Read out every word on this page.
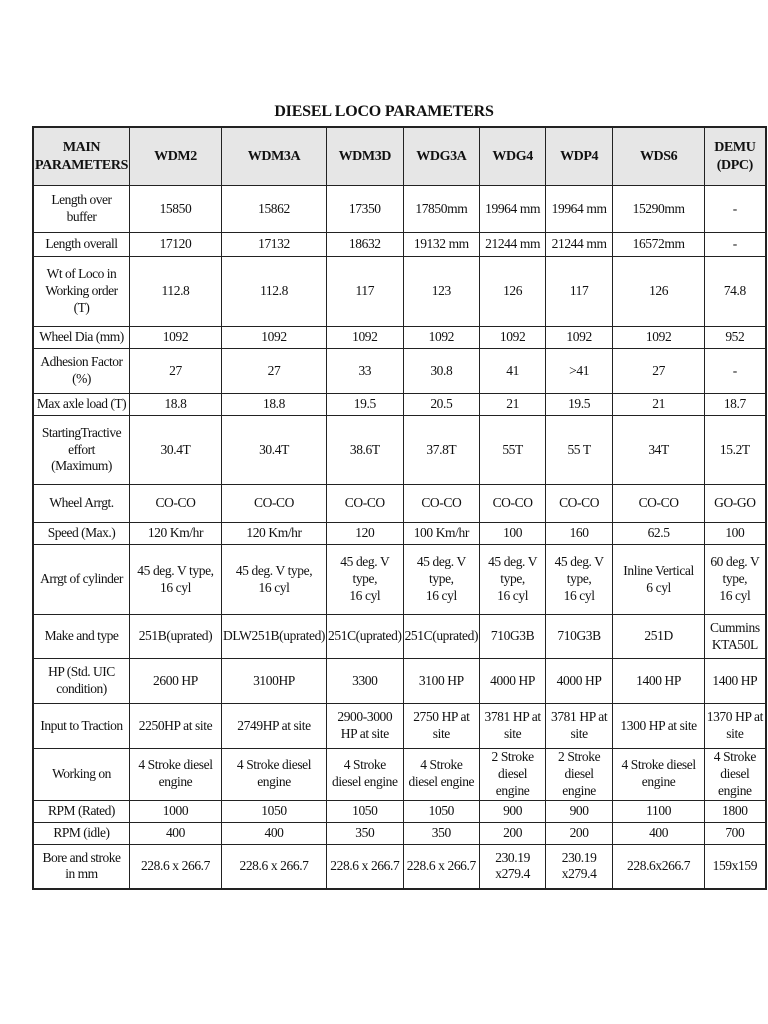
DIESEL LOCO PARAMETERS
MAIN
PARAMETERS	WDM2	WDM3A	WDM3D	WDG3A	WDG4	WDP4	WDS6	DEMU
(DPC)
Length over
buffer	15850	15862	17350	17850mm	19964 mm	19964 mm	15290mm	-
Length overall	17120	17132	18632	19132 mm	21244 mm	21244 mm	16572mm	-
Wt of Loco in
Working order
(T)	112.8	112.8	117	123	126	117	126	74.8
Wheel Dia (mm)	1092	1092	1092	1092	1092	1092	1092	952
Adhesion Factor
(%)	27	27	33	30.8	41	>41	27	-
Max axle load (T)	18.8	18.8	19.5	20.5	21	19.5	21	18.7
StartingTractive
effort
(Maximum)	30.4T	30.4T	38.6T	37.8T	55T	55 T	34T	15.2T
Wheel Arrgt.	CO-CO	CO-CO	CO-CO	CO-CO	CO-CO	CO-CO	CO-CO	GO-GO
Speed (Max.)	120 Km/hr	120 Km/hr	120	100 Km/hr	100	160	62.5	100
Arrgt of cylinder	45 deg. V type,
16 cyl	45 deg. V type,
16 cyl	45 deg. V
type,
16 cyl	45 deg. V
type,
16 cyl	45 deg. V
type,
16 cyl	45 deg. V
type,
16 cyl	Inline Vertical
6 cyl	60 deg. V
type,
16 cyl
Make and type	251B(uprated)	DLW251B(uprated)	251C(uprated)	251C(uprated)	710G3B	710G3B	251D	Cummins
KTA50L
HP (Std. UIC
condition)	2600 HP	3100HP	3300	3100 HP	4000 HP	4000 HP	1400 HP	1400 HP
Input to Traction	2250HP at site	2749HP at site	2900-3000
HP at site	2750 HP at
site	3781 HP at
site	3781 HP at
site	1300 HP at site	1370 HP at
site
Working on	4 Stroke diesel
engine	4 Stroke diesel
engine	4 Stroke
diesel engine	4 Stroke
diesel engine	2 Stroke
diesel engine	2 Stroke
diesel engine	4 Stroke diesel
engine	4 Stroke
diesel engine
RPM (Rated)	1000	1050	1050	1050	900	900	1100	1800
RPM (idle)	400	400	350	350	200	200	400	700
Bore and stroke
in mm	228.6 x 266.7	228.6 x 266.7	228.6 x 266.7	228.6 x 266.7	230.19 x279.4	230.19 x279.4	228.6x266.7	159x159
